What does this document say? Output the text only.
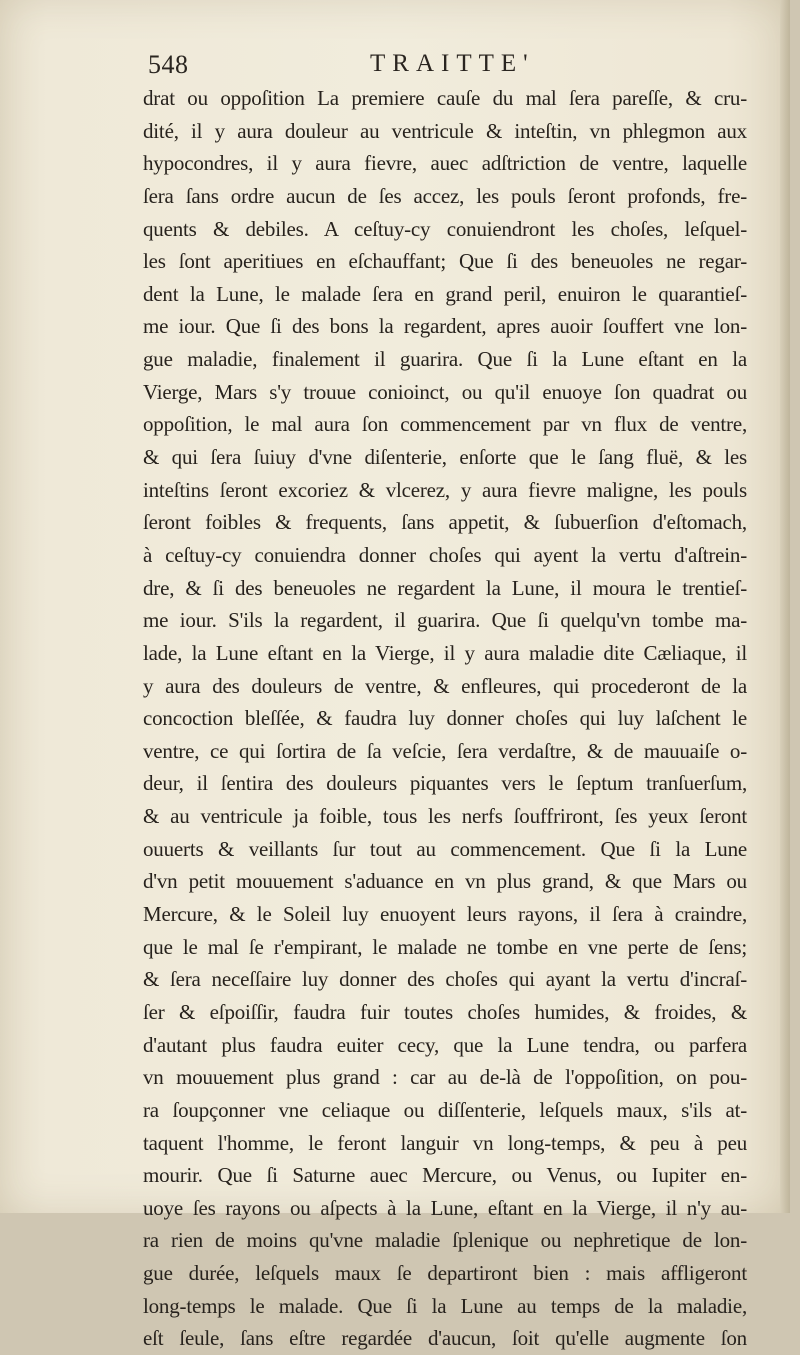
548	TRAITTE'
drat ou oppoſition La premiere cauſe du mal ſera pareſſe, & cru-
dité, il y aura douleur au ventricule & inteſtin, vn phlegmon aux
hypocondres, il y aura fievre, auec adſtriction de ventre, laquelle
ſera ſans ordre aucun de ſes accez, les pouls ſeront profonds, fre-
quents & debiles. A ceſtuy-cy conuiendront les choſes, leſquel-
les ſont aperitiues en eſchauffant; Que ſi des beneuoles ne regar-
dent la Lune, le malade ſera en grand peril, enuiron le quarantieſ-
me iour. Que ſi des bons la regardent, apres auoir ſouffert vne lon-
gue maladie, finalement il guarira. Que ſi la Lune eſtant en la
Vierge, Mars s'y trouue conioinct, ou qu'il enuoye ſon quadrat ou
oppoſition, le mal aura ſon commencement par vn flux de ventre,
& qui ſera ſuiuy d'vne diſenterie, enſorte que le ſang fluë, & les
inteſtins ſeront excoriez & vlcerez, y aura fievre maligne, les pouls
ſeront foibles & frequents, ſans appetit, & ſubuerſion d'eſtomach,
à ceſtuy-cy conuiendra donner choſes qui ayent la vertu d'aſtrein-
dre, & ſi des beneuoles ne regardent la Lune, il moura le trentieſ-
me iour. S'ils la regardent, il guarira. Que ſi quelqu'vn tombe ma-
lade, la Lune eſtant en la Vierge, il y aura maladie dite Cæliaque, il
y aura des douleurs de ventre, & enfleures, qui procederont de la
concoction bleſſée, & faudra luy donner choſes qui luy laſchent le
ventre, ce qui ſortira de ſa veſcie, ſera verdaſtre, & de mauuaiſe o-
deur, il ſentira des douleurs piquantes vers le ſeptum tranſuerſum,
& au ventricule ja foible, tous les nerfs ſouffriront, ſes yeux ſeront
ouuerts & veillants ſur tout au commencement. Que ſi la Lune
d'vn petit mouuement s'aduance en vn plus grand, & que Mars ou
Mercure, & le Soleil luy enuoyent leurs rayons, il ſera à craindre,
que le mal ſe r'empirant, le malade ne tombe en vne perte de ſens;
& ſera neceſſaire luy donner des choſes qui ayant la vertu d'incraſ-
ſer & eſpoiſſir, faudra fuir toutes choſes humides, & froides, &
d'autant plus faudra euiter cecy, que la Lune tendra, ou parfera
vn mouuement plus grand : car au de-là de l'oppoſition, on pou-
ra ſoupçonner vne celiaque ou diſſenterie, leſquels maux, s'ils at-
taquent l'homme, le feront languir vn long-temps, & peu à peu
mourir. Que ſi Saturne auec Mercure, ou Venus, ou Iupiter en-
uoye ſes rayons ou aſpects à la Lune, eſtant en la Vierge, il n'y au-
ra rien de moins qu'vne maladie ſplenique ou nephretique de lon-
gue durée, leſquels maux ſe departiront bien : mais affligeront
long-temps le malade. Que ſi la Lune au temps de la maladie,
eſt ſeule, ſans eſtre regardée d'aucun, ſoit qu'elle augmente ſon
